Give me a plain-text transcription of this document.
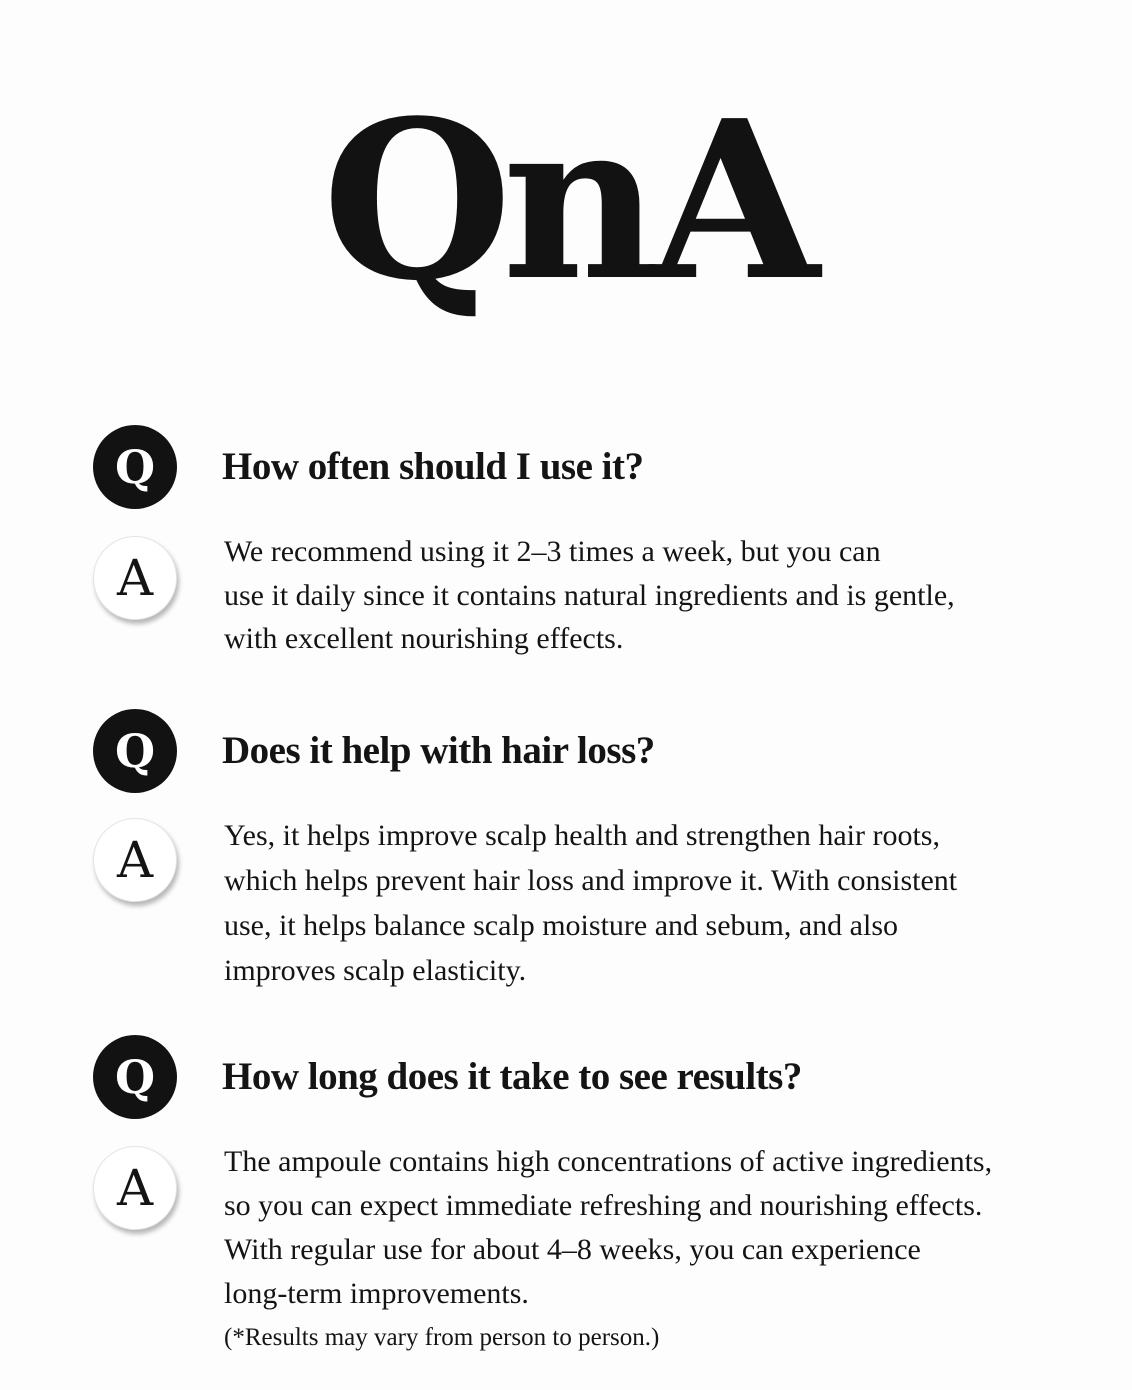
QnA
Q	How often should I use it?
A	We recommend using it 2–3 times a week, but you can
use it daily since it contains natural ingredients and is gentle,
with excellent nourishing effects.

Q	Does it help with hair loss?
A	Yes, it helps improve scalp health and strengthen hair roots,
which helps prevent hair loss and improve it. With consistent
use, it helps balance scalp moisture and sebum, and also
improves scalp elasticity.

Q	How long does it take to see results?
A	The ampoule contains high concentrations of active ingredients,
so you can expect immediate refreshing and nourishing effects.
With regular use for about 4–8 weeks, you can experience
long-term improvements.
(*Results may vary from person to person.)
